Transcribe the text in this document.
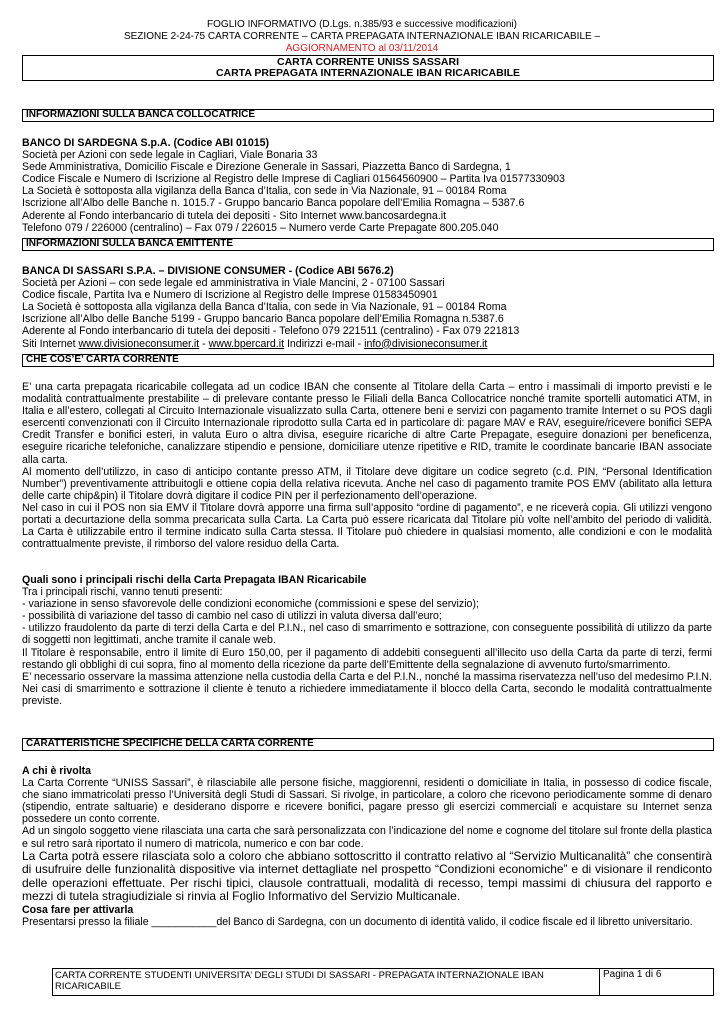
FOGLIO INFORMATIVO (D.Lgs. n.385/93 e successive modificazioni)
SEZIONE 2-24-75 CARTA CORRENTE – CARTA PREPAGATA INTERNAZIONALE IBAN RICARICABILE –
AGGIORNAMENTO al 03/11/2014
CARTA CORRENTE UNISS SASSARI
CARTA PREPAGATA INTERNAZIONALE IBAN RICARICABILE
INFORMAZIONI SULLA BANCA COLLOCATRICE

BANCO DI SARDEGNA S.p.A. (Codice ABI 01015)

Società per Azioni con sede legale in Cagliari, Viale Bonaria 33

Sede Amministrativa, Domicilio Fiscale e Direzione Generale in Sassari, Piazzetta Banco di Sardegna, 1

Codice Fiscale e Numero di Iscrizione al Registro delle Imprese di Cagliari 01564560900 – Partita Iva 01577330903

La Società è sottoposta alla vigilanza della Banca d’Italia, con sede in Via Nazionale, 91 – 00184 Roma

Iscrizione all’Albo delle Banche n. 1015.7 - Gruppo bancario Banca popolare dell’Emilia Romagna – 5387.6

Aderente al Fondo interbancario di tutela dei depositi - Sito Internet www.bancosardegna.it

Telefono 079 / 226000 (centralino) – Fax 079 / 226015 – Numero verde Carte Prepagate 800.205.040

INFORMAZIONI SULLA BANCA EMITTENTE

BANCA DI SASSARI S.P.A. – DIVISIONE CONSUMER - (Codice ABI 5676.2)

Società per Azioni – con sede legale ed amministrativa in Viale Mancini, 2 - 07100 Sassari

Codice fiscale, Partita Iva e Numero di Iscrizione al Registro delle Imprese 01583450901

La Società è sottoposta alla vigilanza della Banca d’Italia, con sede in Via Nazionale, 91 – 00184 Roma

Iscrizione all’Albo delle Banche 5199 - Gruppo bancario Banca popolare dell’Emilia Romagna n.5387.6

Aderente al Fondo interbancario di tutela dei depositi - Telefono 079 221511 (centralino) - Fax 079 221813

Siti Internet www.divisioneconsumer.it - www.bpercard.it Indirizzi e-mail - info@divisioneconsumer.it

CHE COS’E’ CARTA CORRENTE

E’ una carta prepagata ricaricabile collegata ad un codice IBAN che consente al Titolare della Carta – entro i massimali di importo previsti e le modalità contrattualmente prestabilite – di prelevare contante presso le Filiali della Banca Collocatrice nonché tramite sportelli automatici ATM, in Italia e all’estero, collegati al Circuito Internazionale visualizzato sulla Carta, ottenere beni e servizi con pagamento tramite Internet o su POS dagli esercenti convenzionati con il Circuito Internazionale riprodotto sulla Carta ed in particolare di: pagare MAV e RAV, eseguire/ricevere bonifici SEPA Credit Transfer e bonifici esteri, in valuta Euro o altra divisa, eseguire ricariche di altre Carte Prepagate, eseguire donazioni per beneficenza, eseguire ricariche telefoniche, canalizzare stipendio e pensione, domiciliare utenze ripetitive e RID, tramite le coordinate bancarie IBAN associate alla carta.

Al momento dell’utilizzo, in caso di anticipo contante presso ATM, il Titolare deve digitare un codice segreto (c.d. PIN, “Personal Identification Number”) preventivamente attribuitogli e ottiene copia della relativa ricevuta. Anche nel caso di pagamento tramite POS EMV (abilitato alla lettura delle carte chip&pin) il Titolare dovrà digitare il codice PIN per il perfezionamento dell’operazione.

Nel caso in cui il POS non sia EMV il Titolare dovrà apporre una firma sull’apposito “ordine di pagamento”, e ne riceverà copia. Gli utilizzi vengono portati a decurtazione della somma precaricata sulla Carta. La Carta può essere ricaricata dal Titolare più volte nell’ambito del periodo di validità. La Carta è utilizzabile entro il termine indicato sulla Carta stessa. Il Titolare può chiedere in qualsiasi momento, alle condizioni e con le modalità contrattualmente previste, il rimborso del valore residuo della Carta.

Quali sono i principali rischi della Carta Prepagata IBAN Ricaricabile

Tra i principali rischi, vanno tenuti presenti:

- variazione in senso sfavorevole delle condizioni economiche (commissioni e spese del servizio);

- possibilità di variazione del tasso di cambio nel caso di utilizzi in valuta diversa dall’euro;

- utilizzo fraudolento da parte di terzi della Carta e del P.I.N., nel caso di smarrimento e sottrazione, con conseguente possibilità di utilizzo da parte di soggetti non legittimati, anche tramite il canale web.

Il Titolare è responsabile, entro il limite di Euro 150,00, per il pagamento di addebiti conseguenti all’illecito uso della Carta da parte di terzi, fermi restando gli obblighi di cui sopra, fino al momento della ricezione da parte dell’Emittente della segnalazione di avvenuto furto/smarrimento.

E’ necessario osservare la massima attenzione nella custodia della Carta e del P.I.N., nonché la massima riservatezza nell’uso del medesimo P.I.N. Nei casi di smarrimento e sottrazione il cliente è tenuto a richiedere immediatamente il blocco della Carta, secondo le modalità contrattualmente previste.

CARATTERISTICHE SPECIFICHE DELLA CARTA CORRENTE

A chi è rivolta

La Carta Corrente “UNISS Sassari”, è rilasciabile alle persone fisiche, maggiorenni, residenti o domiciliate in Italia, in possesso di codice fiscale, che siano immatricolati presso l’Università degli Studi di Sassari. Si rivolge, in particolare, a coloro che ricevono periodicamente somme di denaro (stipendio, entrate saltuarie) e desiderano disporre e ricevere bonifici, pagare presso gli esercizi commerciali e acquistare su Internet senza possedere un conto corrente.

Ad un singolo soggetto viene rilasciata una carta che sarà personalizzata con l’indicazione del nome e cognome del titolare sul fronte della plastica e sul retro sarà riportato il numero di matricola, numerico e con bar code.

La Carta potrà essere rilasciata solo a coloro che abbiano sottoscritto il contratto relativo al “Servizio Multicanalità” che consentirà di usufruire delle funzionalità dispositive via internet dettagliate nel prospetto “Condizioni economiche” e di visionare il rendiconto delle operazioni effettuate. Per rischi tipici, clausole contrattuali, modalità di recesso, tempi massimi di chiusura del rapporto e mezzi di tutela stragiudiziale si rinvia al Foglio Informativo del Servizio Multicanale.

Cosa fare per attivarla

Presentarsi presso la filiale ___________del Banco di Sardegna, con un documento di identità valido, il codice fiscale ed il libretto universitario.

CARTA CORRENTE STUDENTI UNIVERSITA’ DEGLI STUDI DI SASSARI - PREPAGATA INTERNAZIONALE IBAN RICARICABILE
Pagina 1 di 6
